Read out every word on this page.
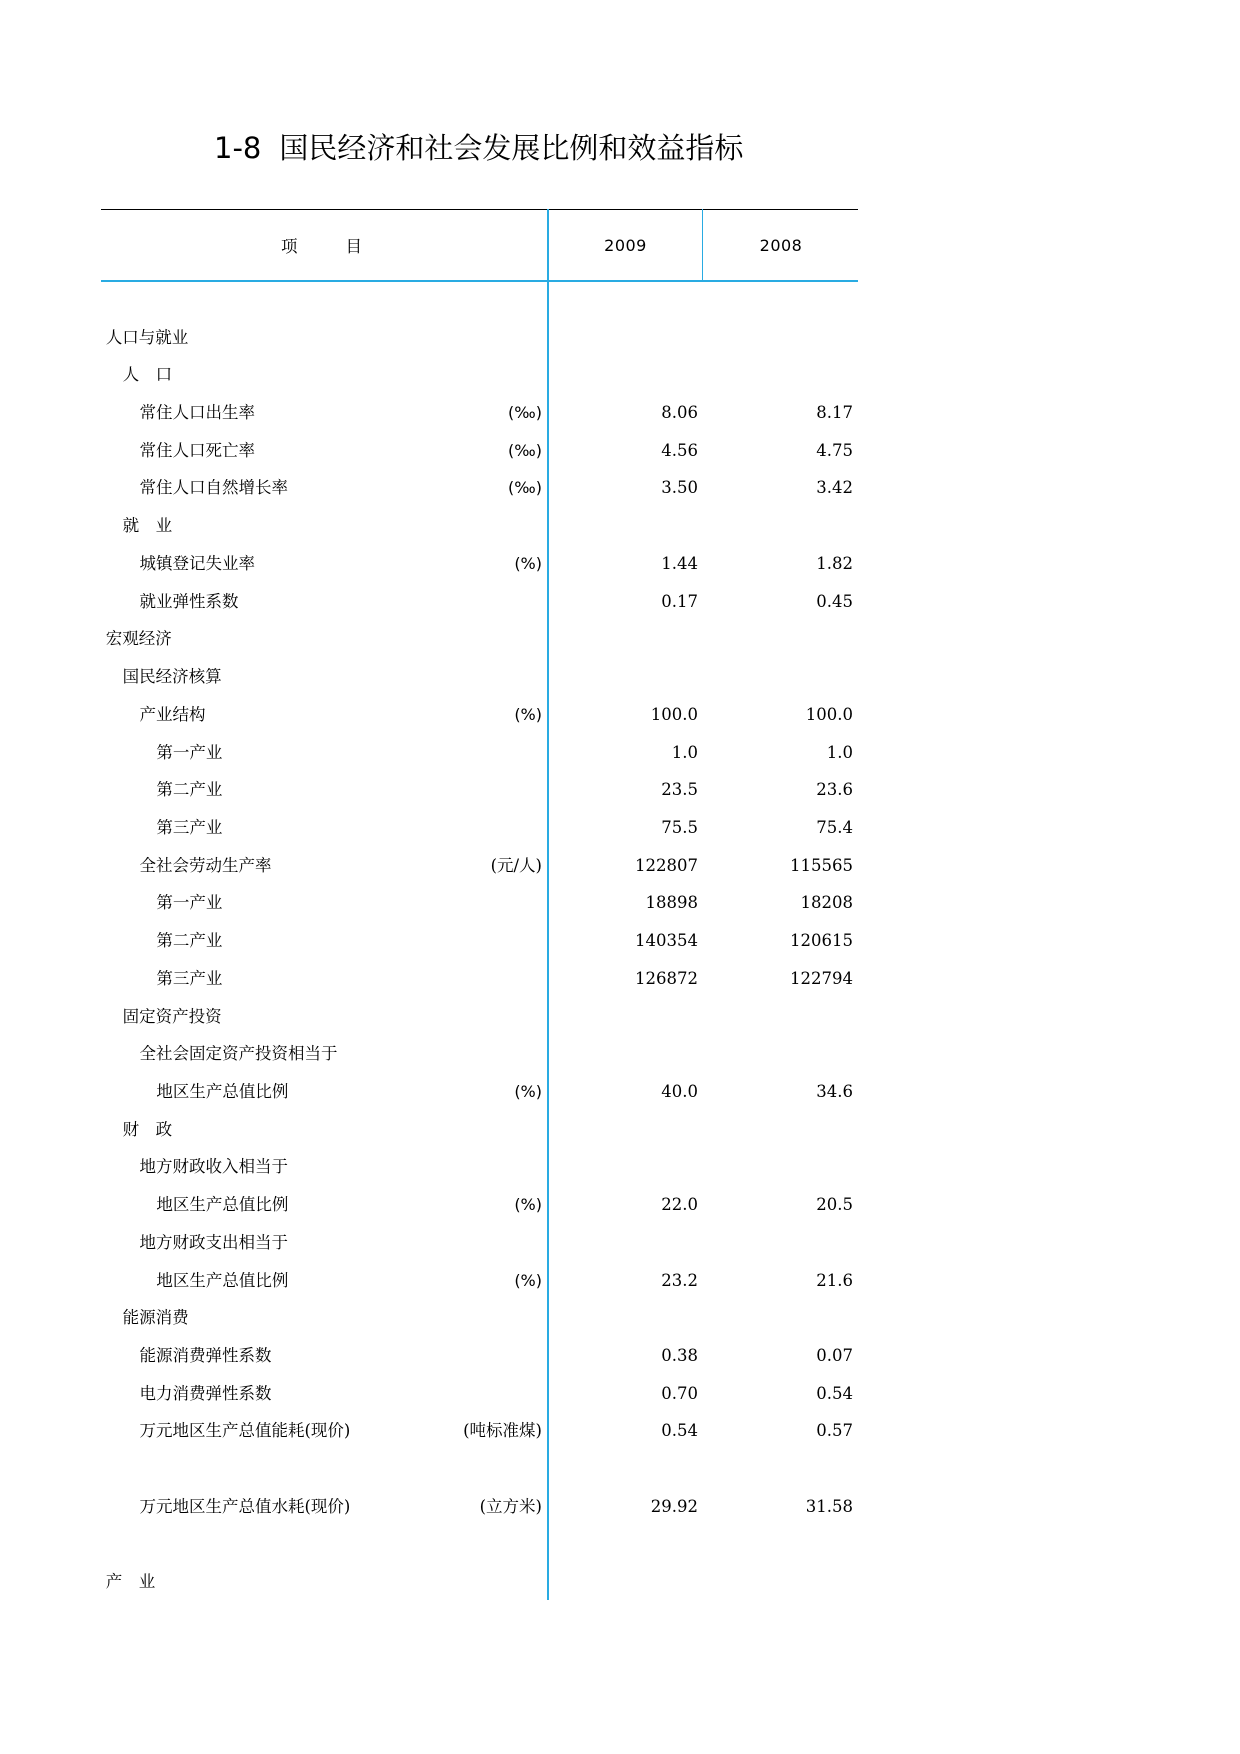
1-8 国民经济和社会发展比例和效益指标
项　　目	2009	2008
人口与就业
人　口
常住人口出生率	(‰)	8.06	8.17
常住人口死亡率	(‰)	4.56	4.75
常住人口自然增长率	(‰)	3.50	3.42
就　业
城镇登记失业率	(%)	1.44	1.82
就业弹性系数	0.17	0.45
宏观经济
国民经济核算
产业结构	(%)	100.0	100.0
第一产业	1.0	1.0
第二产业	23.5	23.6
第三产业	75.5	75.4
全社会劳动生产率	(元/人)	122807	115565
第一产业	18898	18208
第二产业	140354	120615
第三产业	126872	122794
固定资产投资
全社会固定资产投资相当于
地区生产总值比例	(%)	40.0	34.6
财　政
地方财政收入相当于
地区生产总值比例	(%)	22.0	20.5
地方财政支出相当于
地区生产总值比例	(%)	23.2	21.6
能源消费
能源消费弹性系数	0.38	0.07
电力消费弹性系数	0.70	0.54
万元地区生产总值能耗(现价)	(吨标准煤)	0.54	0.57
万元地区生产总值水耗(现价)	(立方米)	29.92	31.58
产　业
